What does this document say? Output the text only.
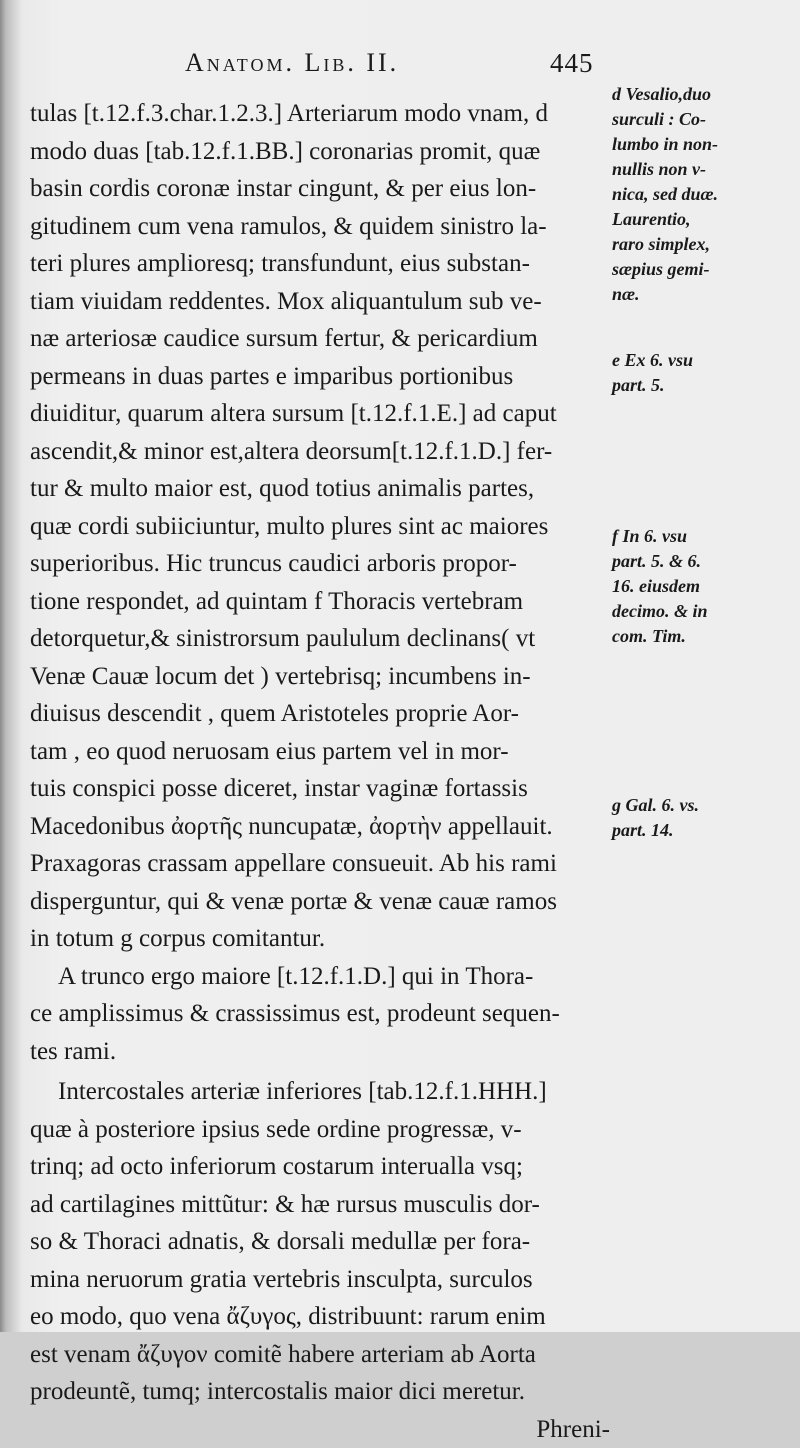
Anatom. Lib. II.	445
tulas [t.12.f.3.char.1.2.3.] Arteriarum modo vnam, d
modo duas [tab.12.f.1.BB.] coronarias promit, quæ
basin cordis coronæ instar cingunt, & per eius lon-
gitudinem cum vena ramulos, & quidem sinistro la-
teri plures amplioresq; transfundunt, eius substan-
tiam viuidam reddentes. Mox aliquantulum sub ve-
næ arteriosæ caudice sursum fertur, & pericardium
permeans in duas partes e imparibus portionibus
diuiditur, quarum altera sursum [t.12.f.1.E.] ad caput
ascendit,& minor est,altera deorsum[t.12.f.1.D.] fer-
tur & multo maior est, quod totius animalis partes,
quæ cordi subiiciuntur, multo plures sint ac maiores
superioribus. Hic truncus caudici arboris propor-
tione respondet, ad quintam f Thoracis vertebram
detorquetur,& sinistrorsum paululum declinans( vt
Venæ Cauæ locum det ) vertebrisq; incumbens in-
diuisus descendit , quem Aristoteles proprie Aor-
tam , eo quod neruosam eius partem vel in mor-
tuis conspici posse diceret, instar vaginæ fortassis
Macedonibus ἀορτῆς nuncupatæ, ἀορτὴν appellauit.
Praxagoras crassam appellare consueuit. Ab his rami
disperguntur, qui & venæ portæ & venæ cauæ ramos
in totum g corpus comitantur.
A trunco ergo maiore [t.12.f.1.D.] qui in Thora-
ce amplissimus & crassissimus est, prodeunt sequen-
tes rami.
Intercostales arteriæ inferiores [tab.12.f.1.HHH.]
quæ à posteriore ipsius sede ordine progressæ, v-
trinq; ad octo inferiorum costarum interualla vsq;
ad cartilagines mittũtur: & hæ rursus musculis dor-
so & Thoraci adnatis, & dorsali medullæ per fora-
mina neruorum gratia vertebris insculpta, surculos
eo modo, quo vena ἄζυγος, distribuunt: rarum enim
est venam ἄζυγον comitẽ habere arteriam ab Aorta
prodeuntẽ, tumq; intercostalis maior dici meretur.
Phreni-
d Vesalio,duo
surculi : Co-
lumbo in non-
nullis non v-
nica, sed duæ.
Laurentio,
raro simplex,
sæpius gemi-
næ.
e Ex 6. vsu
part. 5.
f In 6. vsu
part. 5. & 6.
16. eiusdem
decimo. & in
com. Tim.
g Gal. 6. vs.
part. 14.
